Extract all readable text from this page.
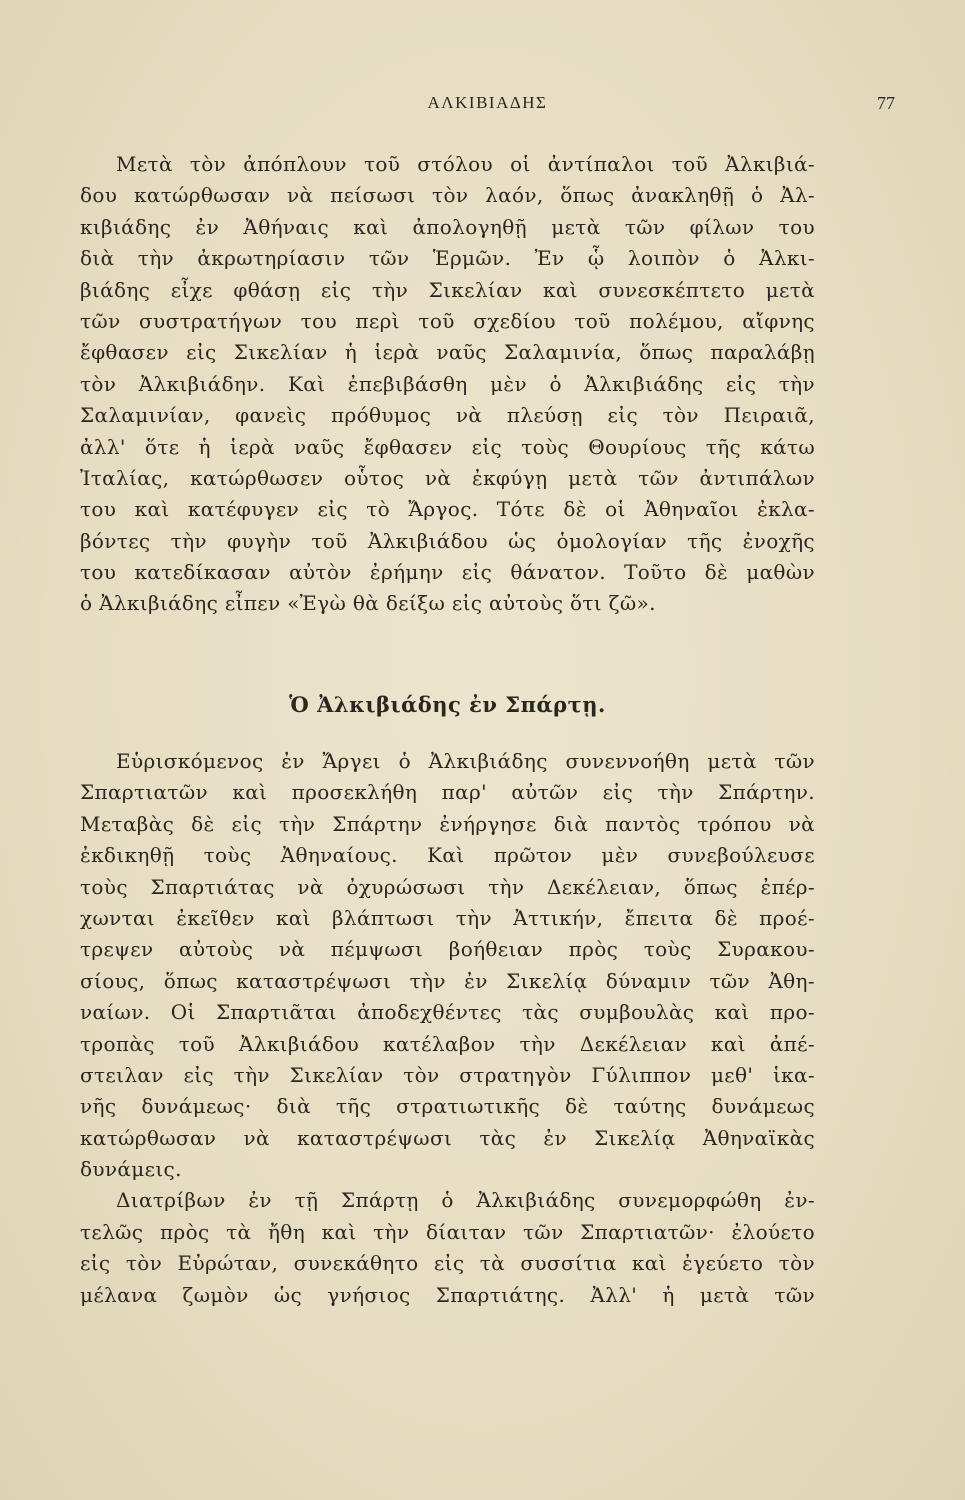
ΑΛΚΙΒΙΑΔΗΣ	77
Μετὰ τὸν ἀπόπλουν τοῦ στόλου οἱ ἀντίπαλοι τοῦ Ἀλκιβιά-
δου κατώρθωσαν νὰ πείσωσι τὸν λαόν, ὅπως ἀνακληθῇ ὁ Ἀλ-
κιβιάδης ἐν Ἀθήναις καὶ ἀπολογηθῇ μετὰ τῶν φίλων του
διὰ τὴν ἀκρωτηρίασιν τῶν Ἑρμῶν. Ἐν ᾧ λοιπὸν ὁ Ἀλκι-
βιάδης εἶχε φθάσῃ εἰς τὴν Σικελίαν καὶ συνεσκέπτετο μετὰ
τῶν συστρατήγων του περὶ τοῦ σχεδίου τοῦ πολέμου, αἴφνης
ἔφθασεν εἰς Σικελίαν ἡ ἱερὰ ναῦς Σαλαμινία, ὅπως παραλάβῃ
τὸν Ἀλκιβιάδην. Καὶ ἐπεβιβάσθη μὲν ὁ Ἀλκιβιάδης εἰς τὴν
Σαλαμινίαν, φανεὶς πρόθυμος νὰ πλεύσῃ εἰς τὸν Πειραιᾶ,
ἀλλ' ὅτε ἡ ἱερὰ ναῦς ἔφθασεν εἰς τοὺς Θουρίους τῆς κάτω
Ἰταλίας, κατώρθωσεν οὗτος νὰ ἐκφύγῃ μετὰ τῶν ἀντιπάλων
του καὶ κατέφυγεν εἰς τὸ Ἄργος. Τότε δὲ οἱ Ἀθηναῖοι ἐκλα-
βόντες τὴν φυγὴν τοῦ Ἀλκιβιάδου ὡς ὁμολογίαν τῆς ἐνοχῆς
του κατεδίκασαν αὐτὸν ἐρήμην εἰς θάνατον. Τοῦτο δὲ μαθὼν
ὁ Ἀλκιβιάδης εἶπεν «Ἐγὼ θὰ δείξω εἰς αὐτοὺς ὅτι ζῶ».
Ὁ Ἀλκιβιάδης ἐν Σπάρτῃ.
Εὑρισκόμενος ἐν Ἄργει ὁ Ἀλκιβιάδης συνεννοήθη μετὰ τῶν
Σπαρτιατῶν καὶ προσεκλήθη παρ' αὐτῶν εἰς τὴν Σπάρτην.
Μεταβὰς δὲ εἰς τὴν Σπάρτην ἐνήργησε διὰ παντὸς τρόπου νὰ
ἐκδικηθῇ τοὺς Ἀθηναίους. Καὶ πρῶτον μὲν συνεβούλευσε
τοὺς Σπαρτιάτας νὰ ὀχυρώσωσι τὴν Δεκέλειαν, ὅπως ἐπέρ-
χωνται ἐκεῖθεν καὶ βλάπτωσι τὴν Ἀττικήν, ἔπειτα δὲ προέ-
τρεψεν αὐτοὺς νὰ πέμψωσι βοήθειαν πρὸς τοὺς Συρακου-
σίους, ὅπως καταστρέψωσι τὴν ἐν Σικελίᾳ δύναμιν τῶν Ἀθη-
ναίων. Οἱ Σπαρτιᾶται ἀποδεχθέντες τὰς συμβουλὰς καὶ προ-
τροπὰς τοῦ Ἀλκιβιάδου κατέλαβον τὴν Δεκέλειαν καὶ ἀπέ-
στειλαν εἰς τὴν Σικελίαν τὸν στρατηγὸν Γύλιππον μεθ' ἱκα-
νῆς δυνάμεως· διὰ τῆς στρατιωτικῆς δὲ ταύτης δυνάμεως
κατώρθωσαν νὰ καταστρέψωσι τὰς ἐν Σικελίᾳ Ἀθηναϊκὰς
δυνάμεις.
Διατρίβων ἐν τῇ Σπάρτῃ ὁ Ἀλκιβιάδης συνεμορφώθη ἐν-
τελῶς πρὸς τὰ ἤθη καὶ τὴν δίαιταν τῶν Σπαρτιατῶν· ἐλούετο
εἰς τὸν Εὐρώταν, συνεκάθητο εἰς τὰ συσσίτια καὶ ἐγεύετο τὸν
μέλανα ζωμὸν ὡς γνήσιος Σπαρτιάτης. Ἀλλ' ἡ μετὰ τῶν
